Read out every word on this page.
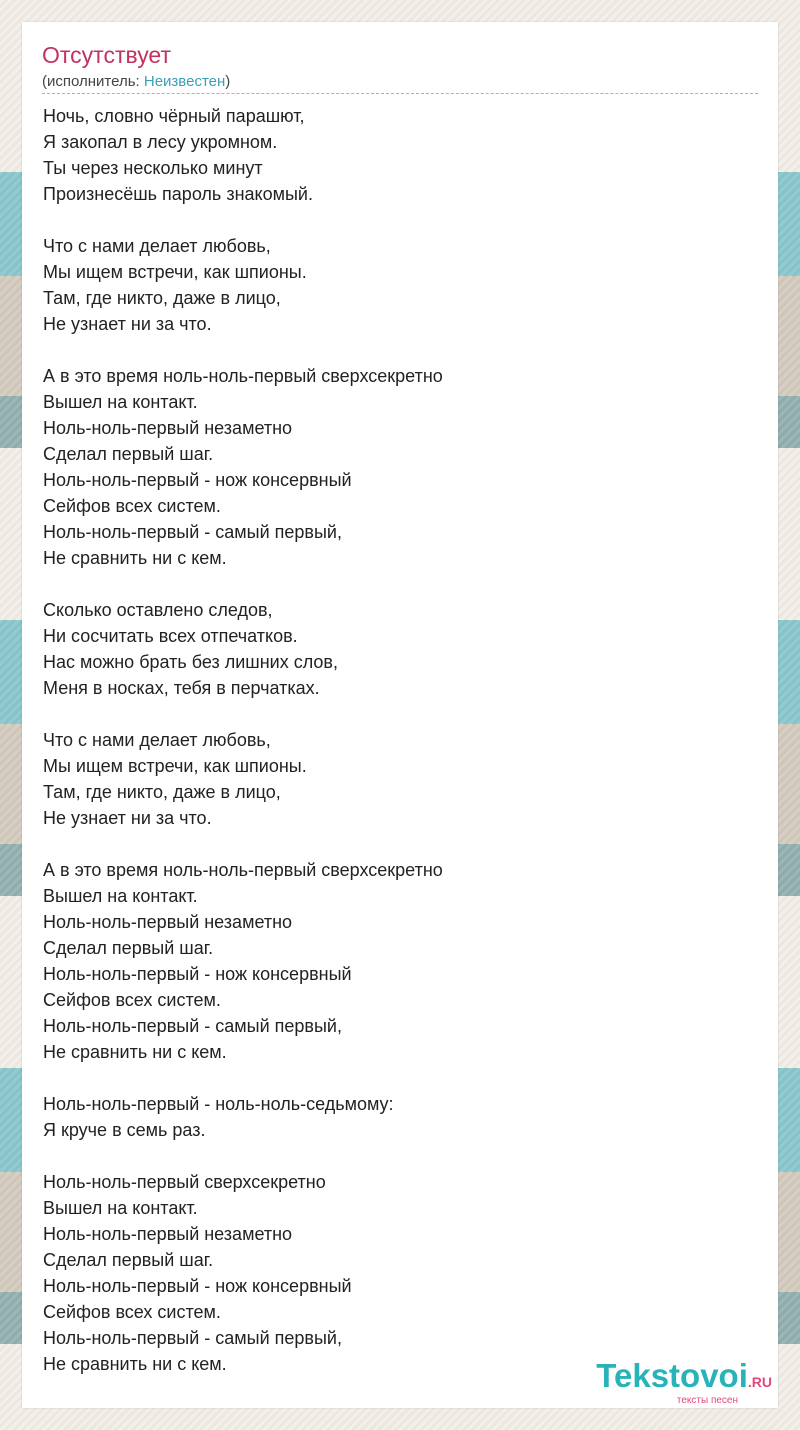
Отсутствует
(исполнитель: Неизвестен)
Ночь, словно чёрный парашют,
Я закопал в лесу укромном.
Ты через несколько минут
Произнесёшь пароль знакомый.
Что с нами делает любовь,
Мы ищем встречи, как шпионы.
Там, где никто, даже в лицо,
Не узнает ни за что.
А в это время ноль-ноль-первый сверхсекретно
Вышел на контакт.
Ноль-ноль-первый незаметно
Сделал первый шаг.
Ноль-ноль-первый - нож консервный
Сейфов всех систем.
Ноль-ноль-первый - самый первый,
Не сравнить ни с кем.
Сколько оставлено следов,
Ни сосчитать всех отпечатков.
Нас можно брать без лишних слов,
Меня в носках, тебя в перчатках.
Что с нами делает любовь,
Мы ищем встречи, как шпионы.
Там, где никто, даже в лицо,
Не узнает ни за что.
А в это время ноль-ноль-первый сверхсекретно
Вышел на контакт.
Ноль-ноль-первый незаметно
Сделал первый шаг.
Ноль-ноль-первый - нож консервный
Сейфов всех систем.
Ноль-ноль-первый - самый первый,
Не сравнить ни с кем.
Ноль-ноль-первый - ноль-ноль-седьмому:
Я круче в семь раз.
Ноль-ноль-первый сверхсекретно
Вышел на контакт.
Ноль-ноль-первый незаметно
Сделал первый шаг.
Ноль-ноль-первый - нож консервный
Сейфов всех систем.
Ноль-ноль-первый - самый первый,
Не сравнить ни с кем.	Tekstovoi.RU
тексты песен
